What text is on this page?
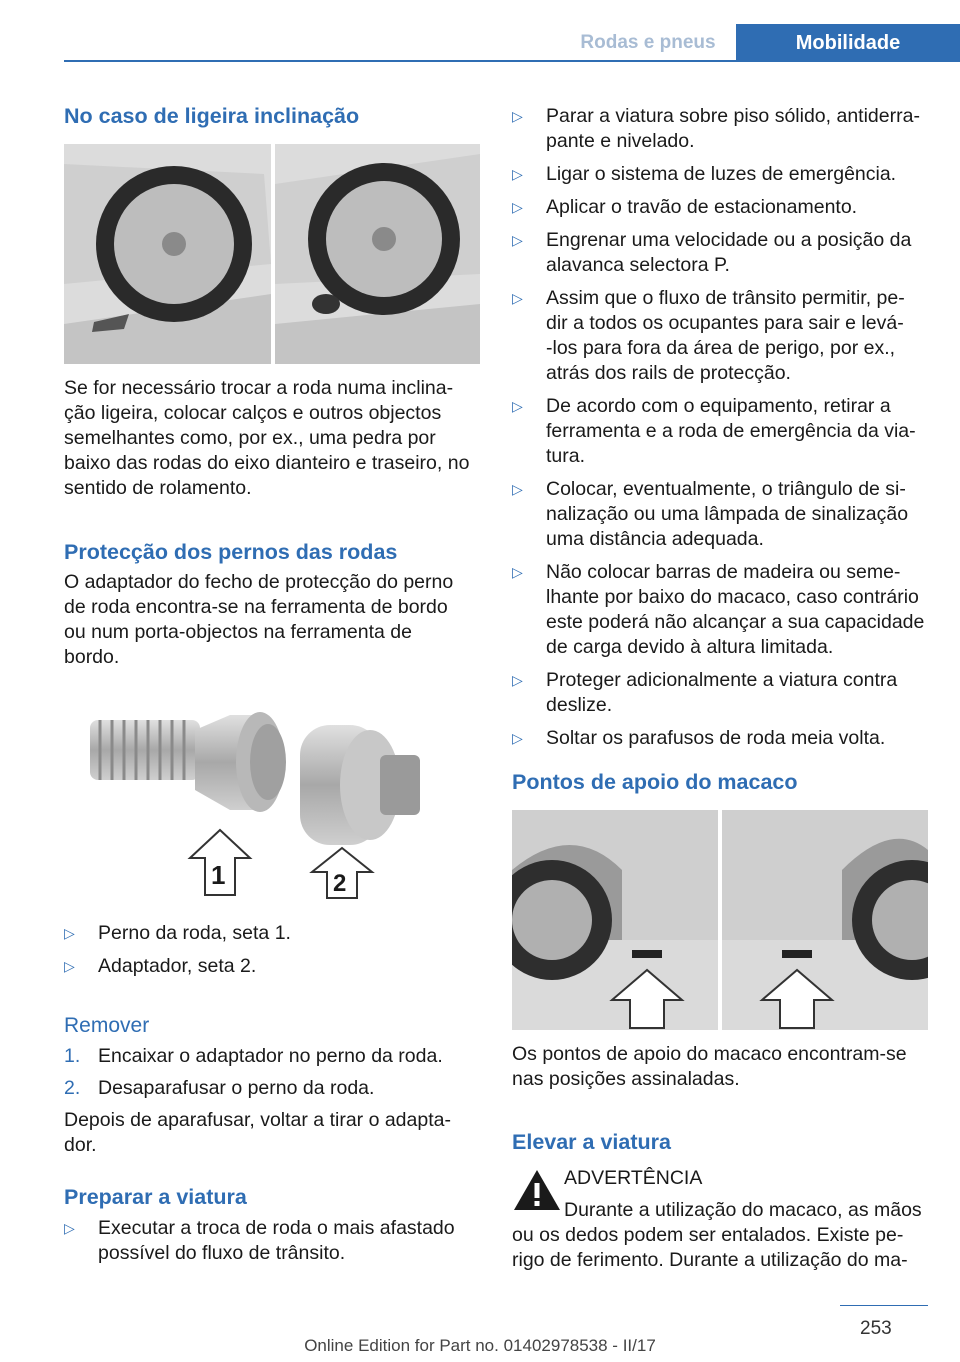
Rodas e pneus	Mobilidade
No caso de ligeira inclinação

Se for necessário trocar a roda numa inclina-

ção ligeira, colocar calços e outros objectos

semelhantes como, por ex., uma pedra por

baixo das rodas do eixo dianteiro e traseiro, no

sentido de rolamento.

Protecção dos pernos das rodas

O adaptador do fecho de protecção do perno

de roda encontra-se na ferramenta de bordo

ou num porta-objectos na ferramenta de

bordo.

1	2
▷	Perno da roda, seta 1.
▷	Adaptador, seta 2.
Remover
1. Encaixar o adaptador no perno da roda.
2. Desaparafusar o perno da roda.

Depois de aparafusar, voltar a tirar o adapta-

dor.

Preparar a viatura
▷	Executar a troca de roda o mais afastado
possível do fluxo de trânsito.
▷	Parar a viatura sobre piso sólido, antiderra-
pante e nivelado.
▷	Ligar o sistema de luzes de emergência.
▷	Aplicar o travão de estacionamento.
▷	Engrenar uma velocidade ou a posição da
alavanca selectora P.
▷	Assim que o fluxo de trânsito permitir, pe-
dir a todos os ocupantes para sair e levá-
-los para fora da área de perigo, por ex.,
atrás dos rails de protecção.
▷	De acordo com o equipamento, retirar a
ferramenta e a roda de emergência da via-
tura.
▷	Colocar, eventualmente, o triângulo de si-
nalização ou uma lâmpada de sinalização
uma distância adequada.
▷	Não colocar barras de madeira ou seme-
lhante por baixo do macaco, caso contrário
este poderá não alcançar a sua capacidade
de carga devido à altura limitada.
▷	Proteger adicionalmente a viatura contra
deslize.
▷	Soltar os parafusos de roda meia volta.
Pontos de apoio do macaco

Os pontos de apoio do macaco encontram-se

nas posições assinaladas.

Elevar a viatura
ADVERTÊNCIA
Durante a utilização do macaco, as mãos
ou os dedos podem ser entalados. Existe pe-
rigo de ferimento. Durante a utilização do ma-
253
Online Edition for Part no. 01402978538 - II/17
